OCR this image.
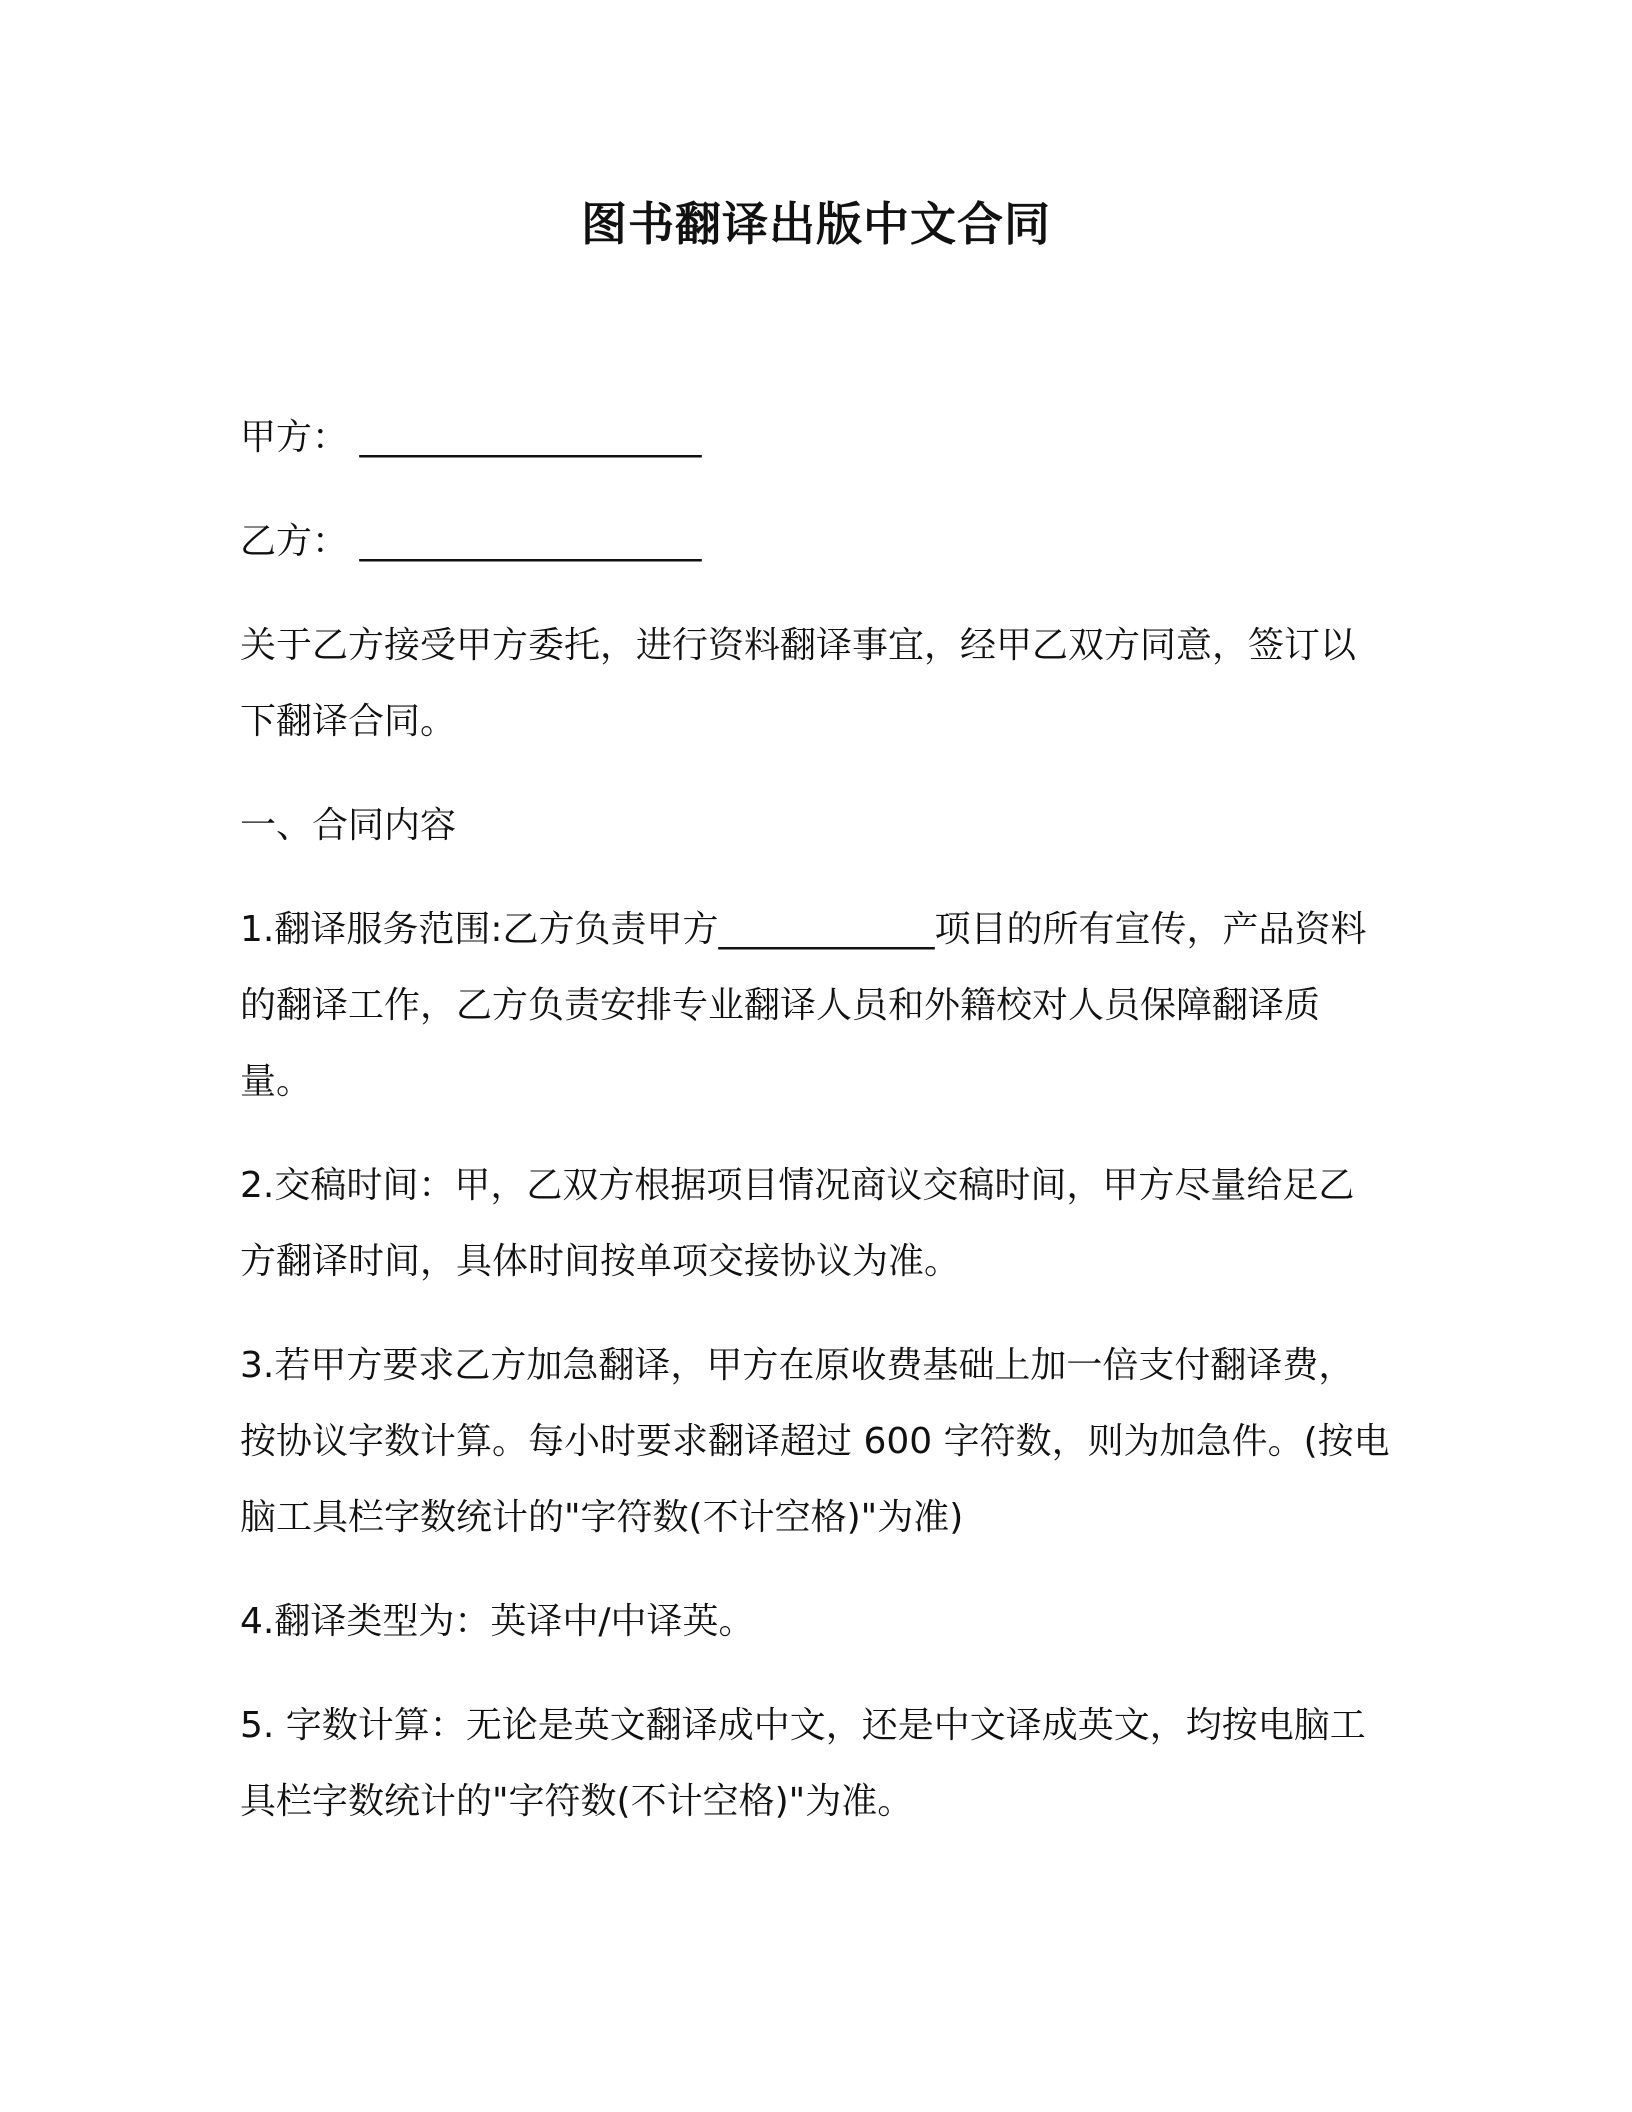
图书翻译出版中文合同

甲方： ___________________

乙方： ___________________

关于乙方接受甲方委托，进行资料翻译事宜，经甲乙双方同意，签订以下翻译合同。

一、合同内容

1.翻译服务范围:乙方负责甲方____________项目的所有宣传，产品资料的翻译工作，乙方负责安排专业翻译人员和外籍校对人员保障翻译质量。

2.交稿时间：甲，乙双方根据项目情况商议交稿时间，甲方尽量给足乙方翻译时间，具体时间按单项交接协议为准。

3.若甲方要求乙方加急翻译，甲方在原收费基础上加一倍支付翻译费，按协议字数计算。每小时要求翻译超过 600 字符数，则为加急件。(按电脑工具栏字数统计的"字符数(不计空格)"为准)

4.翻译类型为：英译中/中译英。

5. 字数计算：无论是英文翻译成中文，还是中文译成英文，均按电脑工具栏字数统计的"字符数(不计空格)"为准。
